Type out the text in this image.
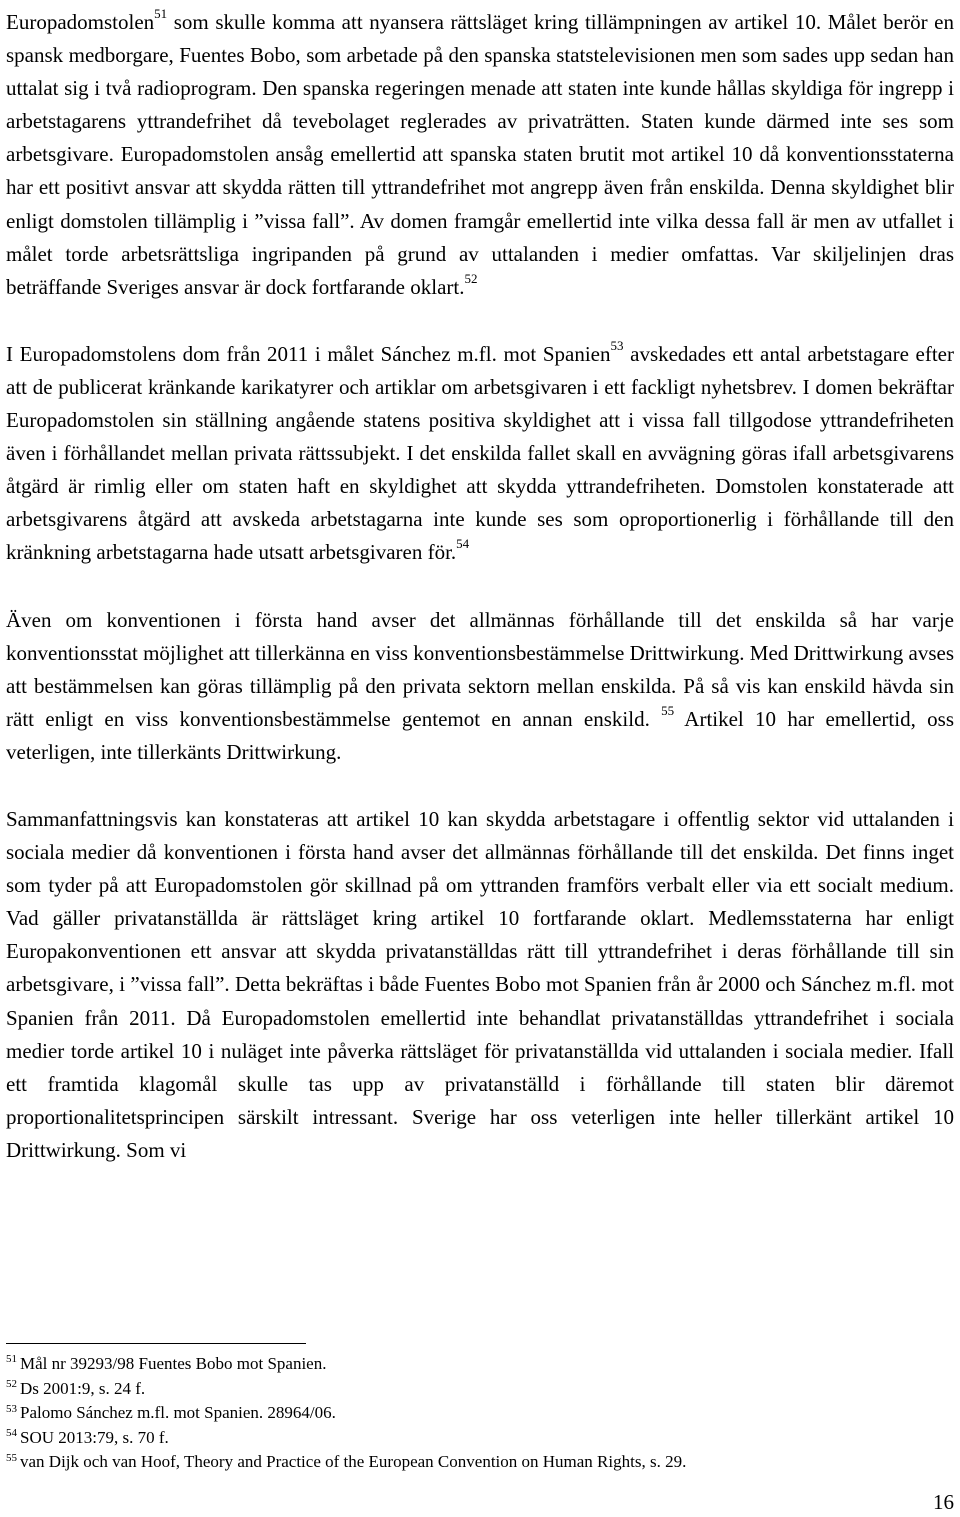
Europadomstolen$^{51}$ som skulle komma att nyansera rättsläget kring tillämpningen av artikel 10. Målet berör en spansk medborgare, Fuentes Bobo, som arbetade på den spanska statstelevisionen men som sades upp sedan han uttalat sig i två radioprogram. Den spanska regeringen menade att staten inte kunde hållas skyldiga för ingrepp i arbetstagarens yttrandefrihet då tevebolaget reglerades av privaträtten. Staten kunde därmed inte ses som arbetsgivare. Europadomstolen ansåg emellertid att spanska staten brutit mot artikel 10 då konventionsstaterna har ett positivt ansvar att skydda rätten till yttrandefrihet mot angrepp även från enskilda. Denna skyldighet blir enligt domstolen tillämplig i ”vissa fall”. Av domen framgår emellertid inte vilka dessa fall är men av utfallet i målet torde arbetsrättsliga ingripanden på grund av uttalanden i medier omfattas. Var skiljelinjen dras beträffande Sveriges ansvar är dock fortfarande oklart.$^{52}$

I Europadomstolens dom från 2011 i målet Sánchez m.fl. mot Spanien$^{53}$ avskedades ett antal arbetstagare efter att de publicerat kränkande karikatyrer och artiklar om arbetsgivaren i ett fackligt nyhetsbrev. I domen bekräftar Europadomstolen sin ställning angående statens positiva skyldighet att i vissa fall tillgodose yttrandefriheten även i förhållandet mellan privata rättssubjekt. I det enskilda fallet skall en avvägning göras ifall arbetsgivarens åtgärd är rimlig eller om staten haft en skyldighet att skydda yttrandefriheten. Domstolen konstaterade att arbetsgivarens åtgärd att avskeda arbetstagarna inte kunde ses som oproportionerlig i förhållande till den kränkning arbetstagarna hade utsatt arbetsgivaren för.$^{54}$

Även om konventionen i första hand avser det allmännas förhållande till det enskilda så har varje konventionsstat möjlighet att tillerkänna en viss konventionsbestämmelse Drittwirkung. Med Drittwirkung avses att bestämmelsen kan göras tillämplig på den privata sektorn mellan enskilda. På så vis kan enskild hävda sin rätt enligt en viss konventionsbestämmelse gentemot en annan enskild. $^{55}$ Artikel 10 har emellertid, oss veterligen, inte tillerkänts Drittwirkung.

Sammanfattningsvis kan konstateras att artikel 10 kan skydda arbetstagare i offentlig sektor vid uttalanden i sociala medier då konventionen i första hand avser det allmännas förhållande till det enskilda. Det finns inget som tyder på att Europadomstolen gör skillnad på om yttranden framförs verbalt eller via ett socialt medium. Vad gäller privatanställda är rättsläget kring artikel 10 fortfarande oklart. Medlemsstaterna har enligt Europakonventionen ett ansvar att skydda privatanställdas rätt till yttrandefrihet i deras förhållande till sin arbetsgivare, i ”vissa fall”. Detta bekräftas i både Fuentes Bobo mot Spanien från år 2000 och Sánchez m.fl. mot Spanien från 2011. Då Europadomstolen emellertid inte behandlat privatanställdas yttrandefrihet i sociala medier torde artikel 10 i nuläget inte påverka rättsläget för privatanställda vid uttalanden i sociala medier. Ifall ett framtida klagomål skulle tas upp av privatanställd i förhållande till staten blir däremot proportionalitetsprincipen särskilt intressant. Sverige har oss veterligen inte heller tillerkänt artikel 10 Drittwirkung. Som vi

$^{51}$ Mål nr 39293/98 Fuentes Bobo mot Spanien.
$^{52}$ Ds 2001:9, s. 24 f.
$^{53}$ Palomo Sánchez m.fl. mot Spanien. 28964/06.
$^{54}$ SOU 2013:79, s. 70 f.
$^{55}$ van Dijk och van Hoof, Theory and Practice of the European Convention on Human Rights, s. 29.
16
